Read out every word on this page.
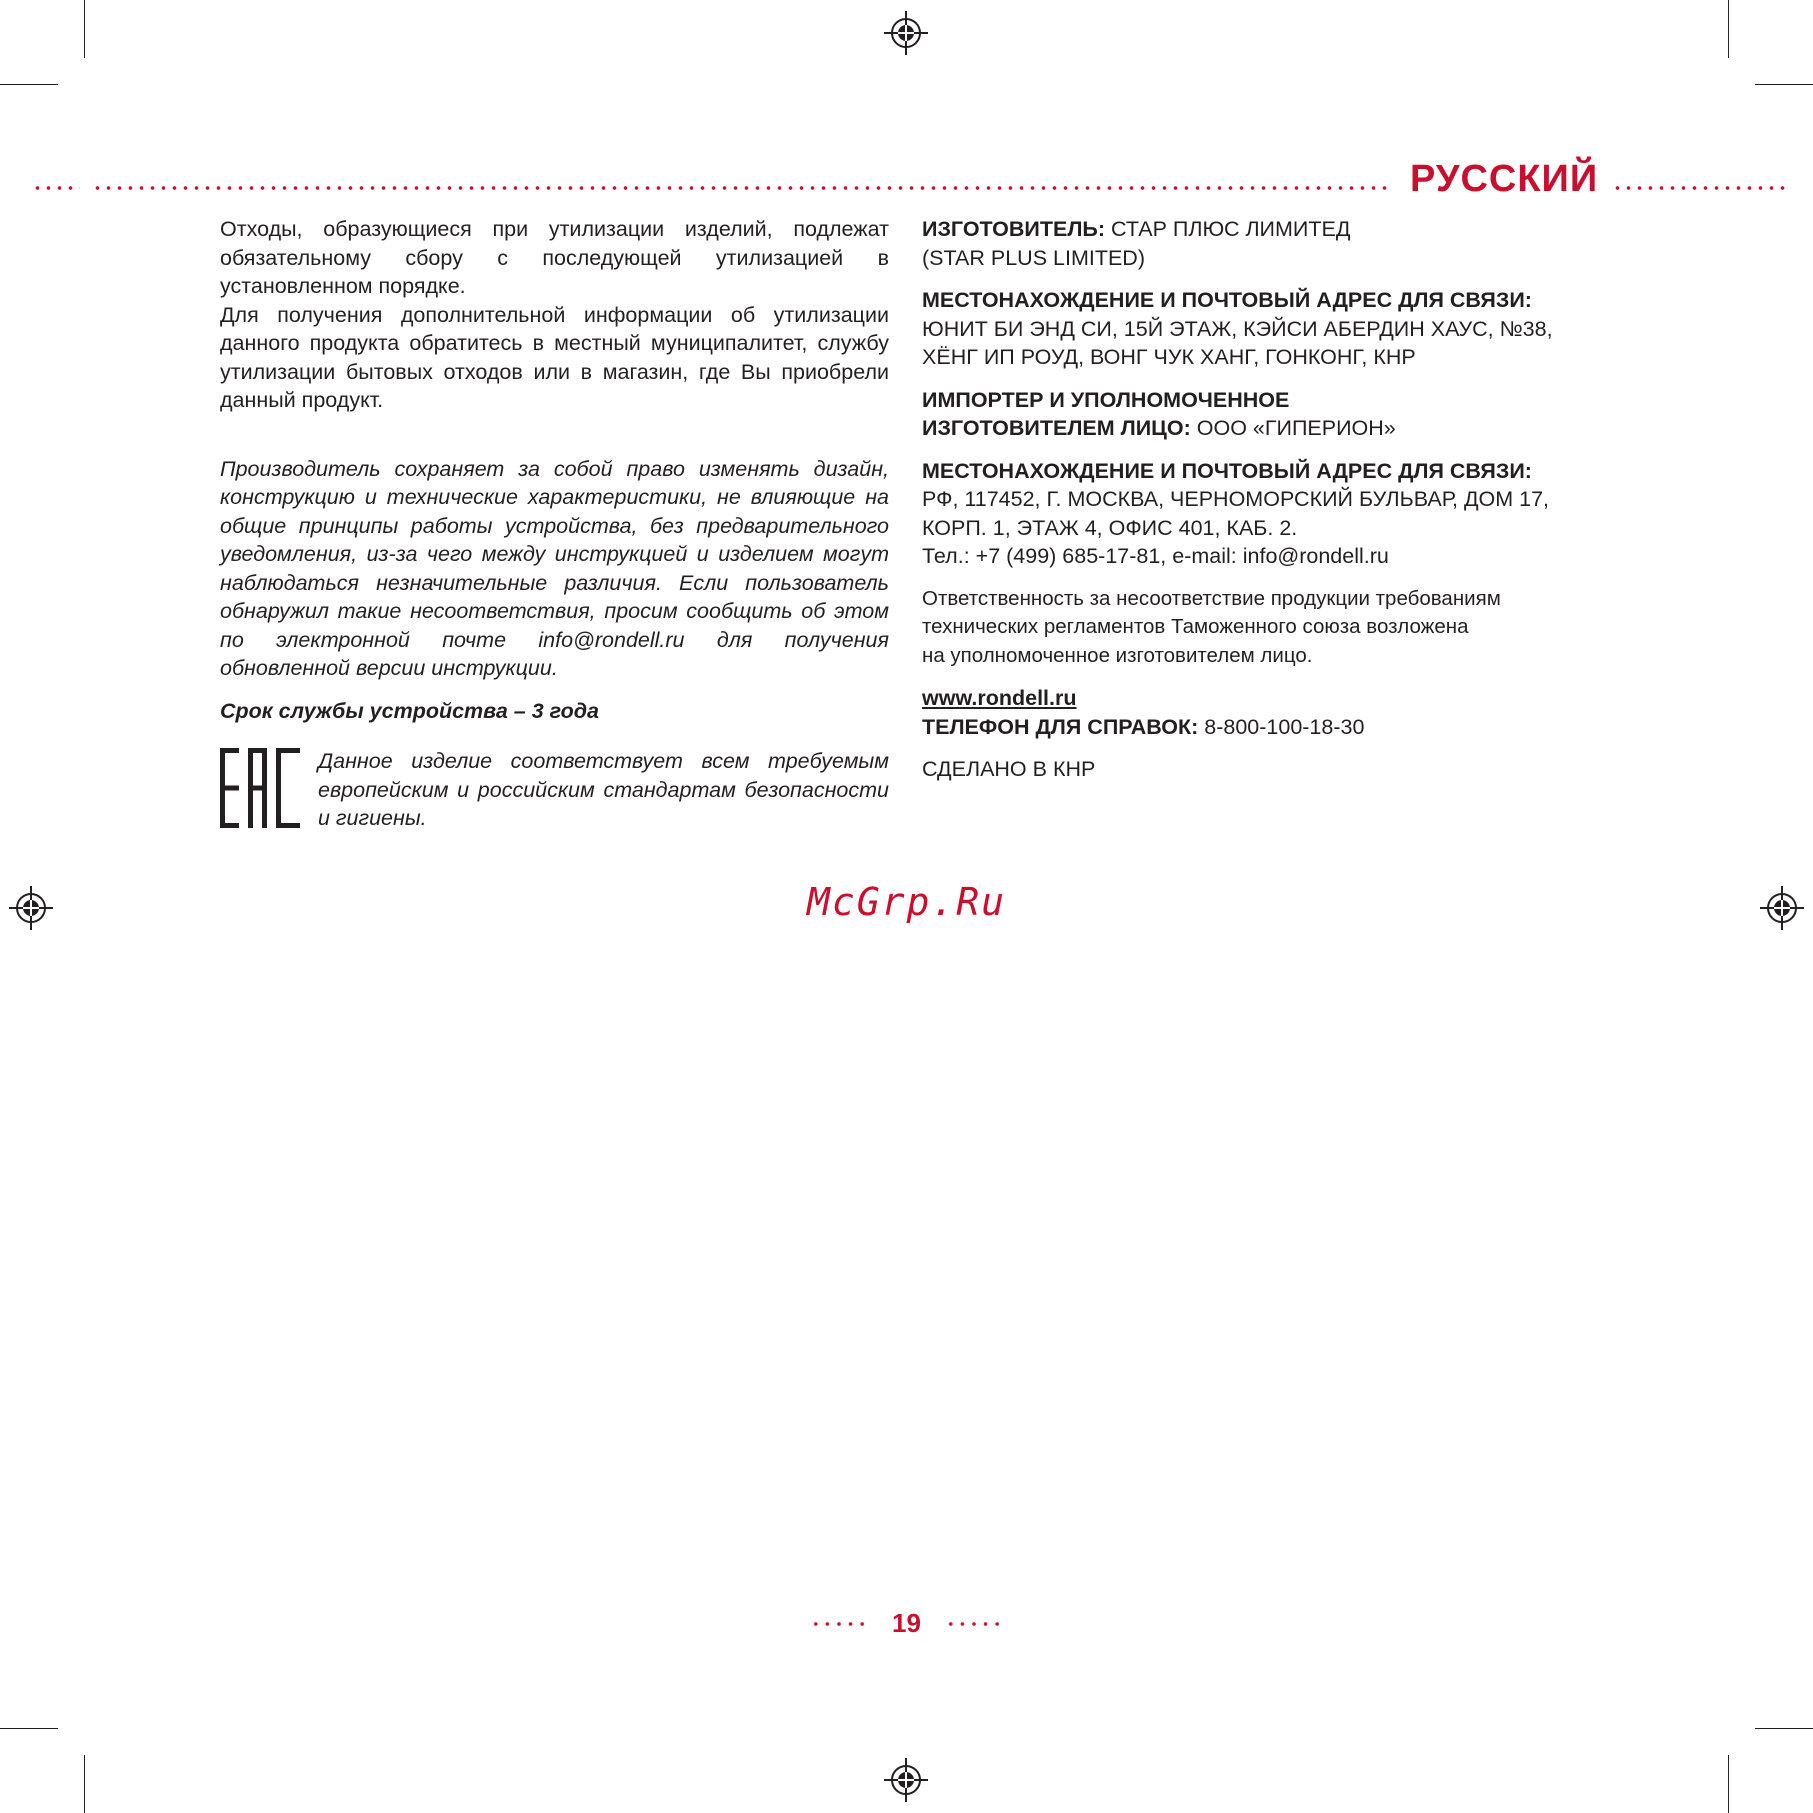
РУССКИЙ

Отходы, образующиеся при утилизации изделий, подлежат обязательному сбору с последующей утилизацией в установленном порядке.

Для получения дополнительной информации об утилизации данного продукта обратитесь в местный муниципалитет, службу утилизации бытовых отходов или в магазин, где Вы приобрели данный продукт.

Производитель сохраняет за собой право изменять дизайн, конструкцию и технические характеристики, не влияющие на общие принципы работы устройства, без предварительного уведомления, из-за чего между инструкцией и изделием могут наблюдаться незначительные различия. Если пользователь обнаружил такие несоответствия, просим сообщить об этом по электронной почте info@rondell.ru для получения обновленной версии инструкции.

Срок службы устройства – 3 года

Данное изделие соответствует всем требуемым европейским и российским стандартам безопасности и гигиены.

ИЗГОТОВИТЕЛЬ: СТАР ПЛЮС ЛИМИТЕД

(STAR PLUS LIMITED)

МЕСТОНАХОЖДЕНИЕ И ПОЧТОВЫЙ АДРЕС ДЛЯ СВЯЗИ:

ЮНИТ БИ ЭНД СИ, 15Й ЭТАЖ, КЭЙСИ АБЕРДИН ХАУС, №38,

ХЁНГ ИП РОУД, ВОНГ ЧУК ХАНГ, ГОНКОНГ, КНР

ИМПОРТЕР И УПОЛНОМОЧЕННОЕ

ИЗГОТОВИТЕЛЕМ ЛИЦО: ООО «ГИПЕРИОН»

МЕСТОНАХОЖДЕНИЕ И ПОЧТОВЫЙ АДРЕС ДЛЯ СВЯЗИ:

РФ, 117452, Г. МОСКВА, ЧЕРНОМОРСКИЙ БУЛЬВАР, ДОМ 17,

КОРП. 1, ЭТАЖ 4, ОФИС 401, КАБ. 2.

Тел.: +7 (499) 685-17-81, e-mail: info@rondell.ru

Ответственность за несоответствие продукции требованиям

технических регламентов Таможенного союза возложена

на уполномоченное изготовителем лицо.

www.rondell.ru

ТЕЛЕФОН ДЛЯ СПРАВОК: 8-800-100-18-30

СДЕЛАНО В КНР

McGrp.Ru
19
